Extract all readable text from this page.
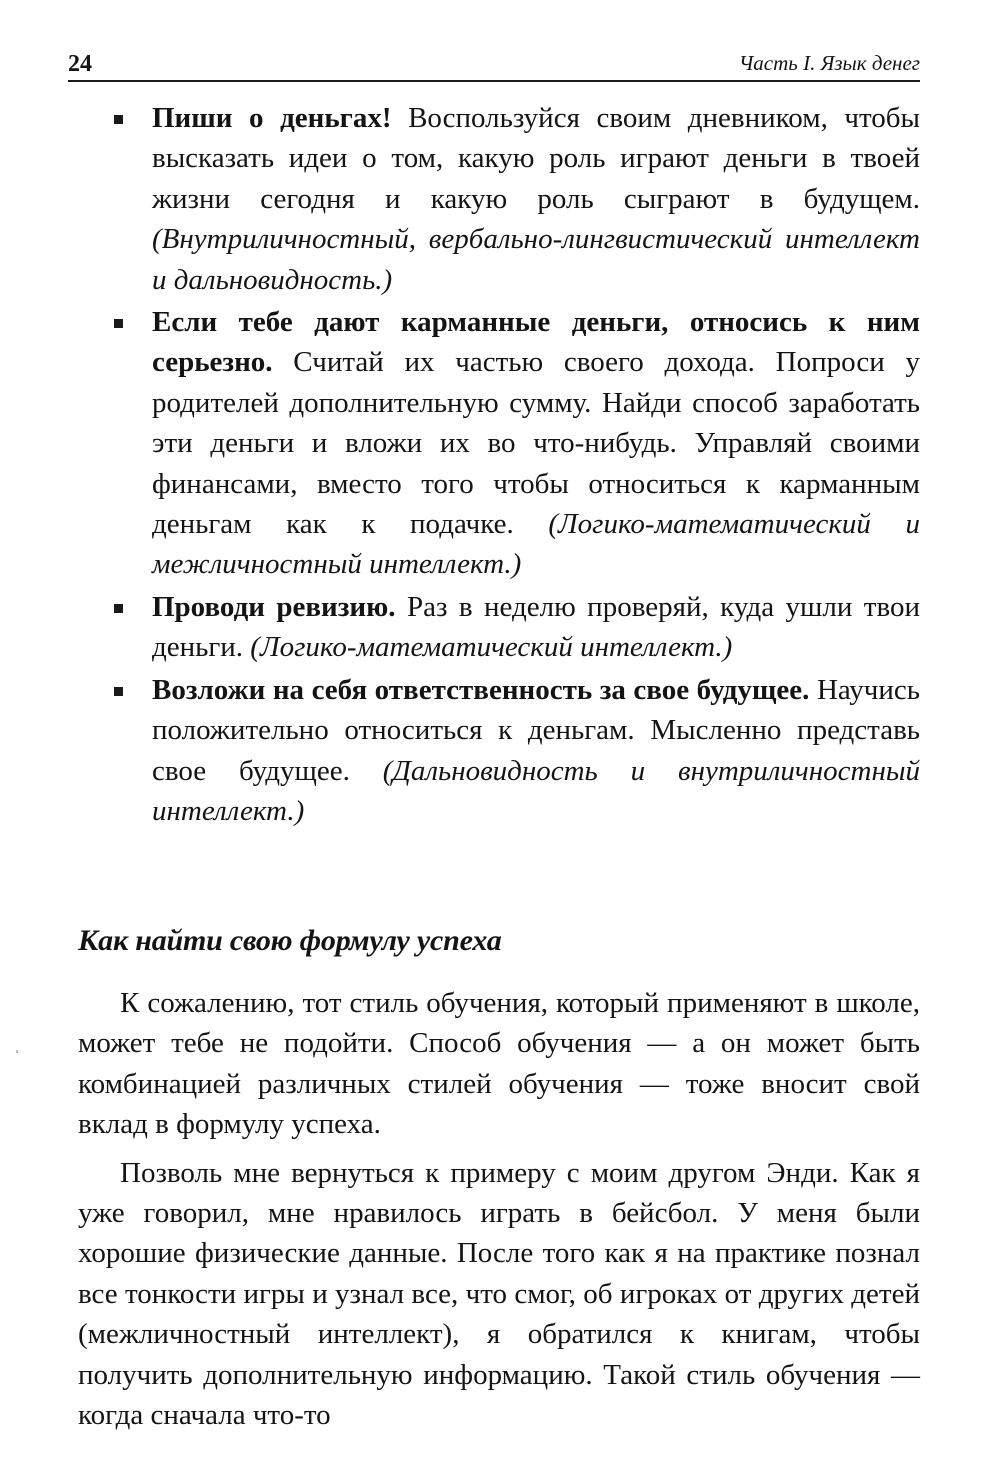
24	Часть I. Язык денег
Пиши о деньгах! Воспользуйся своим дневником, чтобы высказать идеи о том, какую роль играют деньги в твоей жизни сегодня и какую роль сыграют в будущем. (Внутриличностный, вербально-лингвистический интеллект и дальновидность.)
Если тебе дают карманные деньги, относись к ним серьезно. Считай их частью своего дохода. Попроси у родителей дополнительную сумму. Найди способ заработать эти деньги и вложи их во что-нибудь. Управляй своими финансами, вместо того чтобы относиться к карманным деньгам как к подачке. (Логико-математический и межличностный интеллект.)
Проводи ревизию. Раз в неделю проверяй, куда ушли твои деньги. (Логико-математический интеллект.)
Возложи на себя ответственность за свое будущее. Научись положительно относиться к деньгам. Мысленно представь свое будущее. (Дальновидность и внутриличностный интеллект.)
Как найти свою формулу успеха

К сожалению, тот стиль обучения, который применяют в школе, может тебе не подойти. Способ обучения — а он может быть комбинацией различных стилей обучения — тоже вносит свой вклад в формулу успеха.

Позволь мне вернуться к примеру с моим другом Энди. Как я уже говорил, мне нравилось играть в бейсбол. У меня были хорошие физические данные. После того как я на практике познал все тонкости игры и узнал все, что смог, об игроках от других детей (межличностный интеллект), я обратился к книгам, чтобы получить дополнительную информацию. Такой стиль обучения — когда сначала что-то
